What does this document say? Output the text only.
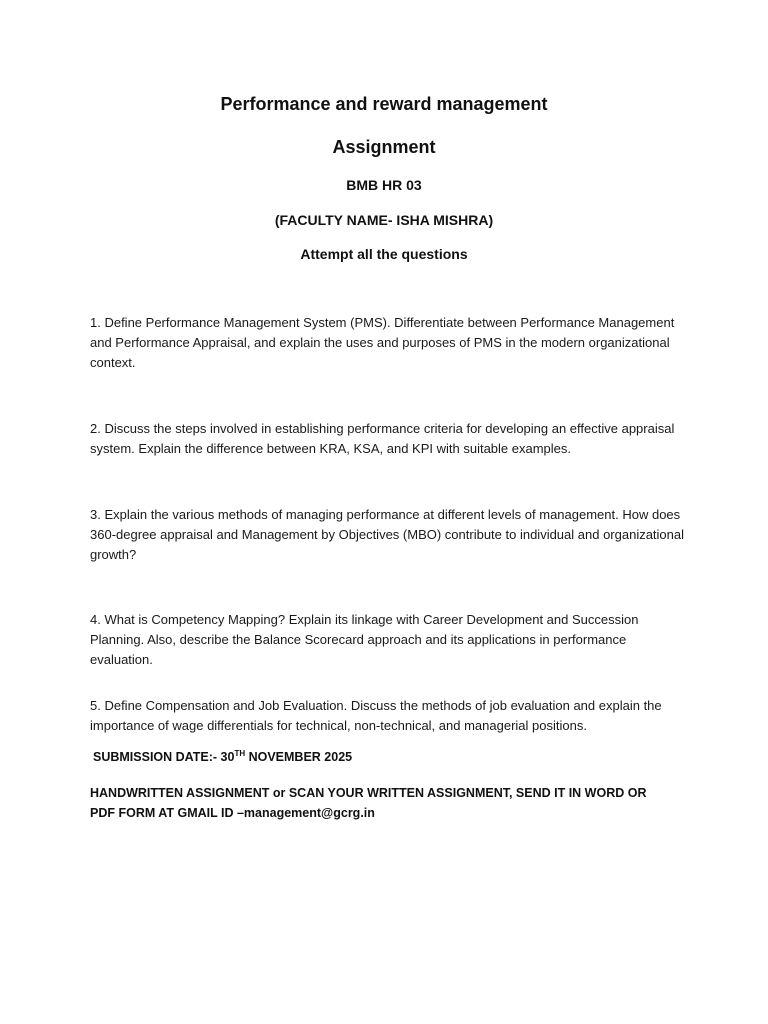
Performance and reward management
Assignment
BMB HR 03
(FACULTY NAME- ISHA MISHRA)
Attempt all the questions
1. Define Performance Management System (PMS). Differentiate between Performance Management and Performance Appraisal, and explain the uses and purposes of PMS in the modern organizational context.
2. Discuss the steps involved in establishing performance criteria for developing an effective appraisal system. Explain the difference between KRA, KSA, and KPI with suitable examples.
3. Explain the various methods of managing performance at different levels of management. How does 360-degree appraisal and Management by Objectives (MBO) contribute to individual and organizational growth?
4. What is Competency Mapping? Explain its linkage with Career Development and Succession Planning. Also, describe the Balance Scorecard approach and its applications in performance evaluation.
5. Define Compensation and Job Evaluation. Discuss the methods of job evaluation and explain the importance of wage differentials for technical, non-technical, and managerial positions.
SUBMISSION DATE:- 30TH NOVEMBER 2025
HANDWRITTEN ASSIGNMENT or SCAN YOUR WRITTEN ASSIGNMENT, SEND IT IN WORD OR PDF FORM AT GMAIL ID –management@gcrg.in
